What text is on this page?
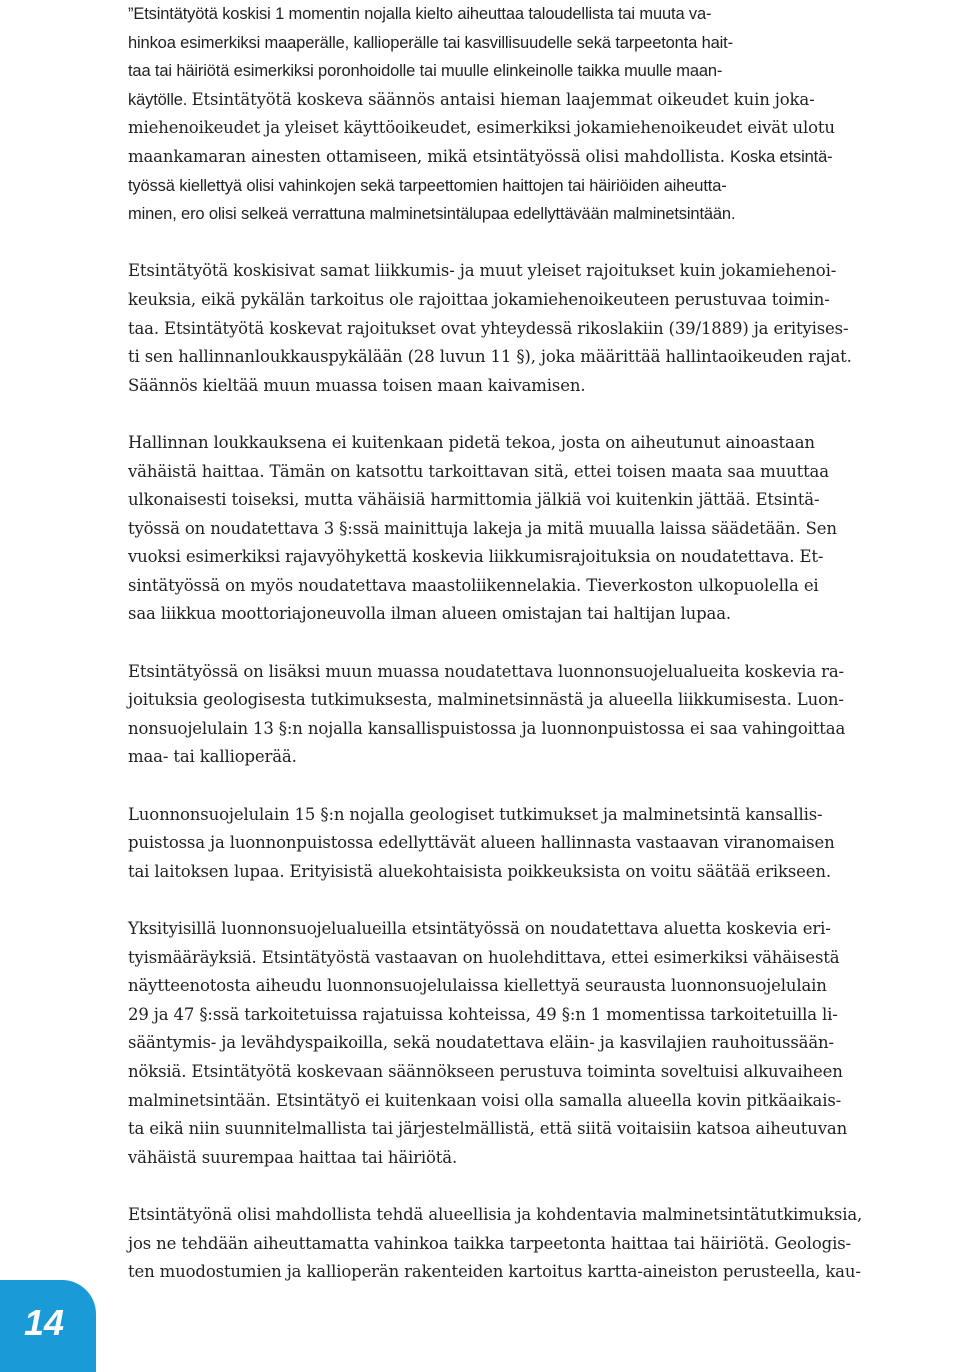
”Etsintätyötä koskisi 1 momentin nojalla kielto aiheuttaa taloudellista tai muuta va-
hinkoa esimerkiksi maaperälle, kallioperälle tai kasvillisuudelle sekä tarpeetonta hait-
taa tai häiriötä esimerkiksi poronhoidolle tai muulle elinkeinolle taikka muulle maan-
käytölle. Etsintätyötä koskeva säännös antaisi hieman laajemmat oikeudet kuin joka-
miehenoikeudet ja yleiset käyttöoikeudet, esimerkiksi jokamiehenoikeudet eivät ulotu
maankamaran ainesten ottamiseen, mikä etsintätyössä olisi mahdollista. Koska etsintä-
työssä kiellettyä olisi vahinkojen sekä tarpeettomien haittojen tai häiriöiden aiheutta-
minen, ero olisi selkeä verrattuna malminetsintälupaa edellyttävään malminetsintään.

Etsintätyötä koskisivat samat liikkumis- ja muut yleiset rajoitukset kuin jokamiehenoi-
keuksia, eikä pykälän tarkoitus ole rajoittaa jokamiehenoikeuteen perustuvaa toimin-
taa. Etsintätyötä koskevat rajoitukset ovat yhteydessä rikoslakiin (39/1889) ja erityises-
ti sen hallinnanloukkauspykälään (28 luvun 11 §), joka määrittää hallintaoikeuden rajat.
Säännös kieltää muun muassa toisen maan kaivamisen.

Hallinnan loukkauksena ei kuitenkaan pidetä tekoa, josta on aiheutunut ainoastaan
vähäistä haittaa. Tämän on katsottu tarkoittavan sitä, ettei toisen maata saa muuttaa
ulkonaisesti toiseksi, mutta vähäisiä harmittomia jälkiä voi kuitenkin jättää. Etsintä-
työssä on noudatettava 3 §:ssä mainittuja lakeja ja mitä muualla laissa säädetään. Sen
vuoksi esimerkiksi rajavyöhykettä koskevia liikkumisrajoituksia on noudatettava. Et-
sintätyössä on myös noudatettava maastoliikennelakia. Tieverkoston ulkopuolella ei
saa liikkua moottoriajoneuvolla ilman alueen omistajan tai haltijan lupaa.

Etsintätyössä on lisäksi muun muassa noudatettava luonnonsuojelualueita koskevia ra-
joituksia geologisesta tutkimuksesta, malminetsinnästä ja alueella liikkumisesta. Luon-
nonsuojelulain 13 §:n nojalla kansallispuistossa ja luonnonpuistossa ei saa vahingoittaa
maa- tai kallioperää.

Luonnonsuojelulain 15 §:n nojalla geologiset tutkimukset ja malminetsintä kansallis-
puistossa ja luonnonpuistossa edellyttävät alueen hallinnasta vastaavan viranomaisen
tai laitoksen lupaa. Erityisistä aluekohtaisista poikkeuksista on voitu säätää erikseen.

Yksityisillä luonnonsuojelualueilla etsintätyössä on noudatettava aluetta koskevia eri-
tyismääräyksiä. Etsintätyöstä vastaavan on huolehdittava, ettei esimerkiksi vähäisestä
näytteenotosta aiheudu luonnonsuojelulaissa kiellettyä seurausta luonnonsuojelulain
29 ja 47 §:ssä tarkoitetuissa rajatuissa kohteissa, 49 §:n 1 momentissa tarkoitetuilla li-
sääntymis- ja levähdyspaikoilla, sekä noudatettava eläin- ja kasvilajien rauhoitussään-
nöksiä. Etsintätyötä koskevaan säännökseen perustuva toiminta soveltuisi alkuvaiheen
malminetsintään. Etsintätyö ei kuitenkaan voisi olla samalla alueella kovin pitkäaikais-
ta eikä niin suunnitelmallista tai järjestelmällistä, että siitä voitaisiin katsoa aiheutuvan
vähäistä suurempaa haittaa tai häiriötä.

Etsintätyönä olisi mahdollista tehdä alueellisia ja kohdentavia malminetsintätutkimuksia,
jos ne tehdään aiheuttamatta vahinkoa taikka tarpeetonta haittaa tai häiriötä. Geologis-
ten muodostumien ja kallioperän rakenteiden kartoitus kartta-aineiston perusteella, kau-

14
